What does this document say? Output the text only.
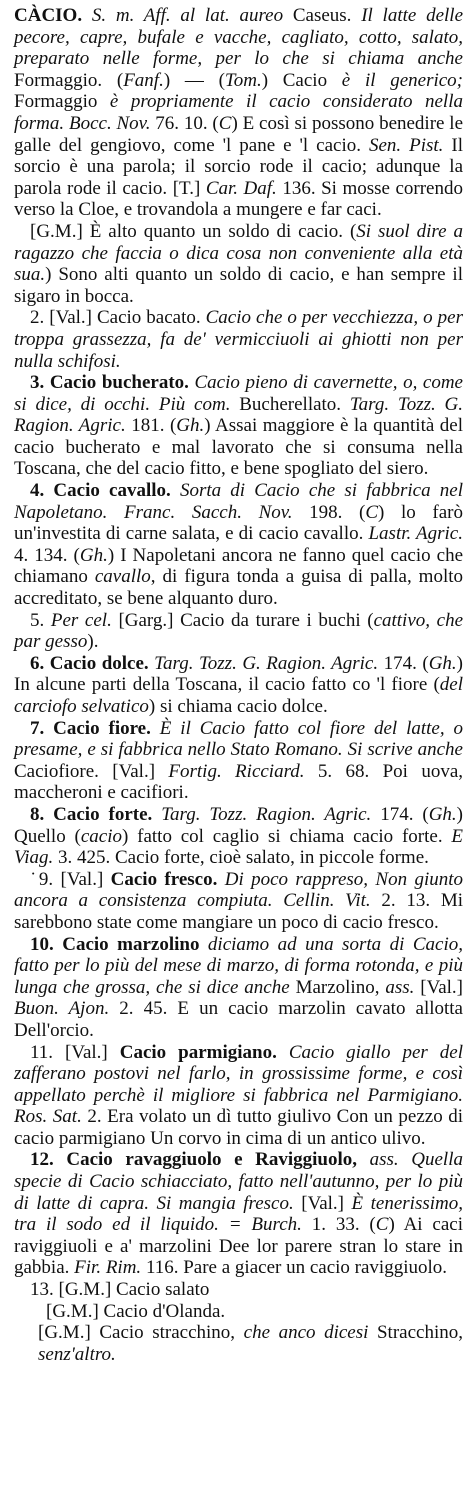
CÀCIO. S. m. Aff. al lat. aureo Caseus. Il latte delle pecore, capre, bufale e vacche, cagliato, cotto, salato, preparato nelle forme, per lo che si chiama anche Formaggio. (Fanf.) — (Tom.) Cacio è il generico; Formaggio è propriamente il cacio considerato nella forma. Bocc. Nov. 76. 10. (C) E così si possono benedire le galle del gengiovo, come 'l pane e 'l cacio. Sen. Pist. Il sorcio è una parola; il sorcio rode il cacio; adunque la parola rode il cacio. [T.] Car. Daf. 136. Si mosse correndo verso la Cloe, e trovandola a mungere e far caci.

[G.M.] È alto quanto un soldo di cacio. (Si suol dire a ragazzo che faccia o dica cosa non conveniente alla età sua.) Sono alti quanto un soldo di cacio, e han sempre il sigaro in bocca.

2. [Val.] Cacio bacato. Cacio che o per vecchiezza, o per troppa grassezza, fa de' vermicciuoli ai ghiotti non per nulla schifosi.

3. Cacio bucherato. Cacio pieno di cavernette, o, come si dice, di occhi. Più com. Bucherellato. Targ. Tozz. G. Ragion. Agric. 181. (Gh.) Assai maggiore è la quantità del cacio bucherato e mal lavorato che si consuma nella Toscana, che del cacio fitto, e bene spogliato del siero.

4. Cacio cavallo. Sorta di Cacio che si fabbrica nel Napoletano. Franc. Sacch. Nov. 198. (C) lo farò un'investita di carne salata, e di cacio cavallo. Lastr. Agric. 4. 134. (Gh.) I Napoletani ancora ne fanno quel cacio che chiamano cavallo, di figura tonda a guisa di palla, molto accreditato, se bene alquanto duro.

5. Per cel. [Garg.] Cacio da turare i buchi (cattivo, che par gesso).

6. Cacio dolce. Targ. Tozz. G. Ragion. Agric. 174. (Gh.) In alcune parti della Toscana, il cacio fatto co 'l fiore (del carciofo selvatico) si chiama cacio dolce.

7. Cacio fiore. È il Cacio fatto col fiore del latte, o presame, e si fabbrica nello Stato Romano. Si scrive anche Caciofiore. [Val.] Fortig. Ricciard. 5. 68. Poi uova, maccheroni e cacifiori.

8. Cacio forte. Targ. Tozz. Ragion. Agric. 174. (Gh.) Quello (cacio) fatto col caglio si chiama cacio forte. E Viag. 3. 425. Cacio forte, cioè salato, in piccole forme.

˙9. [Val.] Cacio fresco. Di poco rappreso, Non giunto ancora a consistenza compiuta. Cellin. Vit. 2. 13. Mi sarebbono state come mangiare un poco di cacio fresco.

10. Cacio marzolino diciamo ad una sorta di Cacio, fatto per lo più del mese di marzo, di forma rotonda, e più lunga che grossa, che si dice anche Marzolino, ass. [Val.] Buon. Ajon. 2. 45. E un cacio marzolin cavato allotta Dell'orcio.

11. [Val.] Cacio parmigiano. Cacio giallo per del zafferano postovi nel farlo, in grossissime forme, e così appellato perchè il migliore si fabbrica nel Parmigiano. Ros. Sat. 2. Era volato un dì tutto giulivo Con un pezzo di cacio parmigiano Un corvo in cima di un antico ulivo.

12. Cacio ravaggiuolo e Raviggiuolo, ass. Quella specie di Cacio schiacciato, fatto nell'autunno, per lo più di latte di capra. Si mangia fresco. [Val.] È tenerissimo, tra il sodo ed il liquido. = Burch. 1. 33. (C) Ai caci raviggiuoli e a' marzolini Dee lor parere stran lo stare in gabbia. Fir. Rim. 116. Pare a giacer un cacio raviggiuolo.

13. [G.M.] Cacio salato

[G.M.] Cacio d'Olanda.

[G.M.] Cacio stracchino, che anco dicesi Stracchino, senz'altro.
